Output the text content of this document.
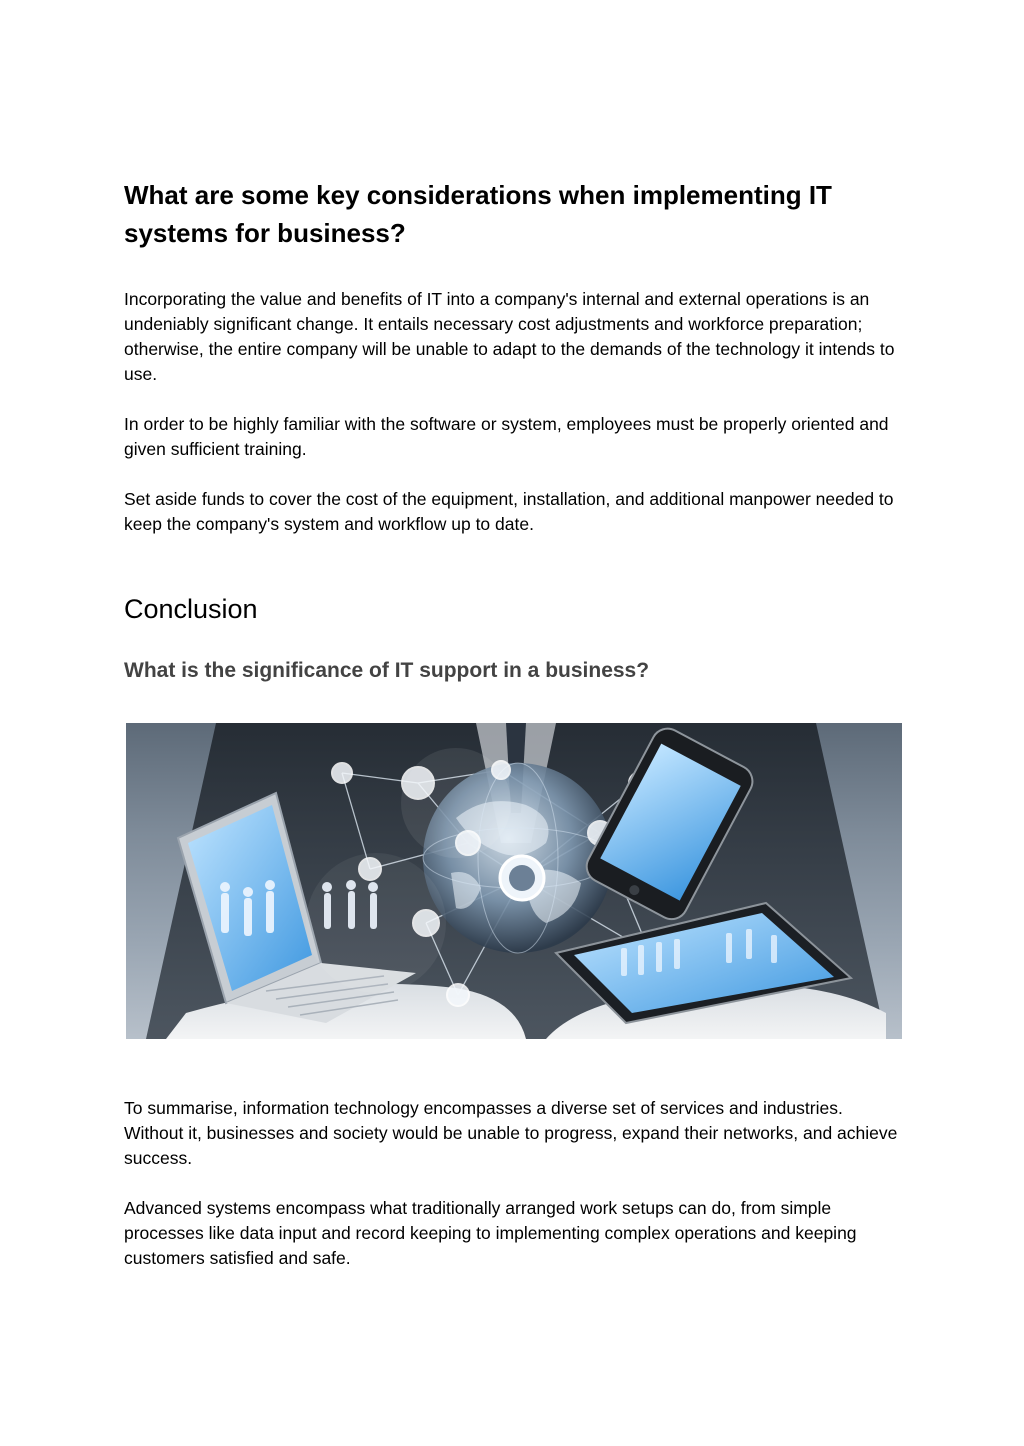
What are some key considerations when implementing IT systems for business?

Incorporating the value and benefits of IT into a company's internal and external operations is an undeniably significant change. It entails necessary cost adjustments and workforce preparation; otherwise, the entire company will be unable to adapt to the demands of the technology it intends to use.

In order to be highly familiar with the software or system, employees must be properly oriented and given sufficient training.

Set aside funds to cover the cost of the equipment, installation, and additional manpower needed to keep the company's system and workflow up to date.

Conclusion
What is the significance of IT support in a business?

To summarise, information technology encompasses a diverse set of services and industries. Without it, businesses and society would be unable to progress, expand their networks, and achieve success.

Advanced systems encompass what traditionally arranged work setups can do, from simple processes like data input and record keeping to implementing complex operations and keeping customers satisfied and safe.
